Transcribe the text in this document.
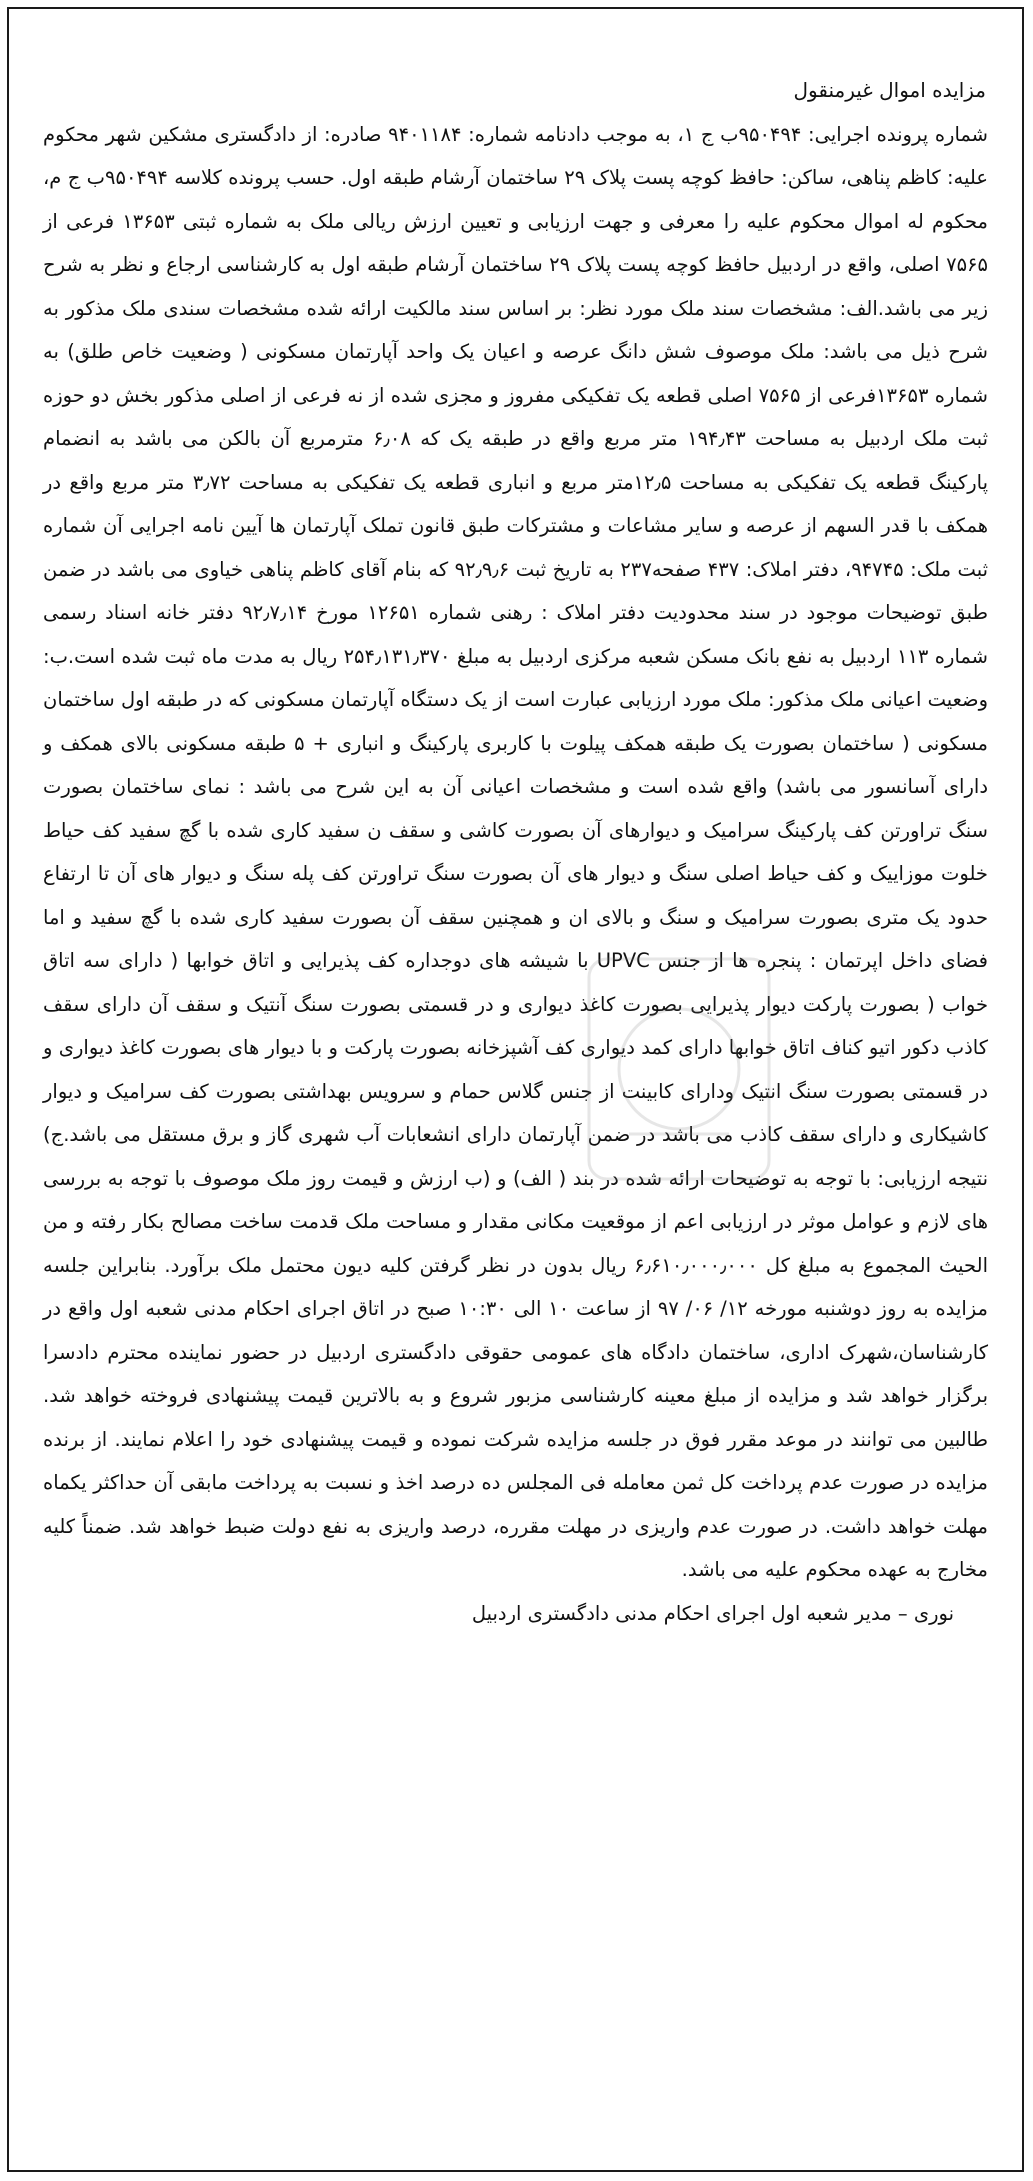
مزایده اموال غیرمنقول

شماره پرونده اجرایی: ۹۵۰۴۹۴ب ج ۱، به موجب دادنامه شماره: ۹۴۰۱۱۸۴ صادره: از دادگستری مشکین شهر محکوم علیه: کاظم پناهی، ساکن: حافظ کوچه پست پلاک ۲۹ ساختمان آرشام طبقه اول. حسب پرونده کلاسه ۹۵۰۴۹۴ب ج م، محکوم له اموال محکوم علیه را معرفی و جهت ارزیابی و تعیین ارزش ریالی ملک به شماره ثبتی ۱۳۶۵۳ فرعی از ۷۵۶۵ اصلی، واقع در اردبیل حافظ کوچه پست پلاک ۲۹ ساختمان آرشام طبقه اول به کارشناسی ارجاع و نظر به شرح زیر می باشد.الف: مشخصات سند ملک مورد نظر: بر اساس سند مالکیت ارائه شده مشخصات سندی ملک مذکور به شرح ذیل می باشد: ملک موصوف شش دانگ عرصه و اعیان یک واحد آپارتمان مسکونی ( وضعیت خاص طلق) به شماره ۱۳۶۵۳فرعی از ۷۵۶۵ اصلی قطعه یک تفکیکی مفروز و مجزی شده از نه فرعی از اصلی مذکور بخش دو حوزه ثبت ملک اردبیل به مساحت ۱۹۴٫۴۳ متر مربع واقع در طبقه یک که ۶٫۰۸ مترمربع آن بالکن می باشد به انضمام پارکینگ قطعه یک تفکیکی به مساحت ۱۲٫۵متر مربع و انباری قطعه یک تفکیکی به مساحت ۳٫۷۲ متر مربع واقع در همکف با قدر السهم از عرصه و سایر مشاعات و مشترکات طبق قانون تملک آپارتمان ها آیین نامه اجرایی آن شماره ثبت ملک: ۹۴۷۴۵، دفتر املاک: ۴۳۷ صفحه۲۳۷ به تاریخ ثبت ۹۲٫۹٫۶ که بنام آقای کاظم پناهی خیاوی می باشد در ضمن طبق توضیحات موجود در سند محدودیت دفتر املاک : رهنی شماره ۱۲۶۵۱ مورخ ۹۲٫۷٫۱۴ دفتر خانه اسناد رسمی شماره ۱۱۳ اردبیل به نفع بانک مسکن شعبه مرکزی اردبیل به مبلغ ۲۵۴٫۱۳۱٫۳۷۰ ریال به مدت ماه ثبت شده است.ب: وضعیت اعیانی ملک مذکور: ملک مورد ارزیابی عبارت است از یک دستگاه آپارتمان مسکونی که در طبقه اول ساختمان مسکونی ( ساختمان بصورت یک طبقه همکف پیلوت با کاربری پارکینگ و انباری + ۵ طبقه مسکونی بالای همکف و دارای آسانسور می باشد) واقع شده است و مشخصات اعیانی آن به این شرح می باشد : نمای ساختمان بصورت سنگ تراورتن کف پارکینگ سرامیک و دیوارهای آن بصورت کاشی و سقف ن سفید کاری شده با گچ سفید کف حیاط خلوت موزاییک و کف حیاط اصلی سنگ و دیوار های آن بصورت سنگ تراورتن کف پله سنگ و دیوار های آن تا ارتفاع حدود یک متری بصورت سرامیک و سنگ و بالای ان و همچنین سقف آن بصورت سفید کاری شده با گچ سفید و اما فضای داخل اپرتمان : پنجره ها از جنس UPVC با شیشه های دوجداره کف پذیرایی و اتاق خوابها ( دارای سه اتاق خواب ( بصورت پارکت دیوار پذیرایی بصورت کاغذ دیواری و در قسمتی بصورت سنگ آنتیک و سقف آن دارای سقف کاذب دکور اتیو کناف اتاق خوابها دارای کمد دیواری کف آشپزخانه بصورت پارکت و با دیوار های بصورت کاغذ دیواری و در قسمتی بصورت سنگ انتیک ودارای کابینت از جنس گلاس حمام و سرویس بهداشتی بصورت کف سرامیک و دیوار کاشیکاری و دارای سقف کاذب می باشد در ضمن آپارتمان دارای انشعابات آب شهری گاز و برق مستقل می باشد.ج) نتیجه ارزیابی: با توجه به توضیحات ارائه شده در بند ( الف) و (ب ارزش و قیمت روز ملک موصوف با توجه به بررسی های لازم و عوامل موثر در ارزیابی اعم از موقعیت مکانی مقدار و مساحت ملک قدمت ساخت مصالح بکار رفته و من الحیث المجموع به مبلغ کل ۶٫۶۱۰٫۰۰۰٫۰۰۰ ریال بدون در نظر گرفتن کلیه دیون محتمل ملک برآورد. بنابراین جلسه مزایده به روز دوشنبه مورخه ۱۲/ ۰۶/ ۹۷ از ساعت ۱۰ الی ۱۰:۳۰ صبح در اتاق اجرای احکام مدنی شعبه اول واقع در کارشناسان،شهرک اداری، ساختمان دادگاه های عمومی حقوقی دادگستری اردبیل در حضور نماینده محترم دادسرا برگزار خواهد شد و مزایده از مبلغ معینه کارشناسی مزبور شروع و به بالاترین قیمت پیشنهادی فروخته خواهد شد. طالبین می توانند در موعد مقرر فوق در جلسه مزایده شرکت نموده و قیمت پیشنهادی خود را اعلام نمایند. از برنده مزایده در صورت عدم پرداخت کل ثمن معامله فی المجلس ده درصد اخذ و نسبت به پرداخت مابقی آن حداکثر یکماه مهلت خواهد داشت. در صورت عدم واریزی در مهلت مقرره، درصد واریزی به نفع دولت ضبط خواهد شد. ضمناً کلیه مخارج به عهده محکوم علیه می باشد.

نوری – مدیر شعبه اول اجرای احکام مدنی دادگستری اردبیل
